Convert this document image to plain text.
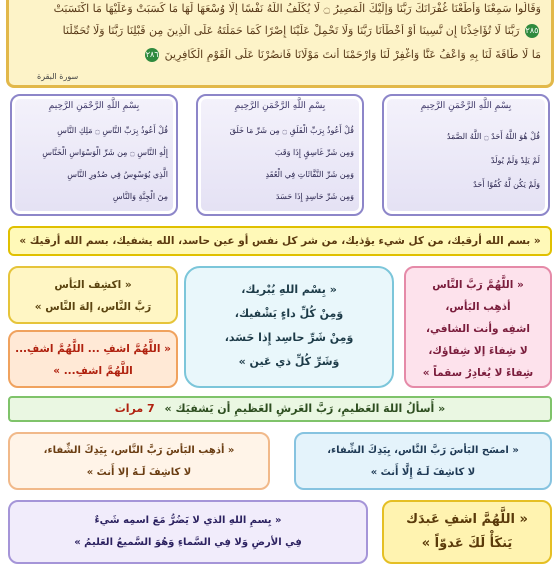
وَقَالُوا سَمِعْنَا وَأَطَعْنَا غُفْرَانَكَ رَبَّنَا وَإِلَيْكَ الْمَصِيرُ ۝ لَا يُكَلِّفُ اللَّهُ نَفْسًا إِلَّا وُسْعَهَا لَهَا مَا كَسَبَتْ وَعَلَيْهَا مَا اكْتَسَبَتْ
٢٨٥ رَبَّنَا لَا تُؤَاخِذْنَا إِن نَّسِينَا أَوْ أَخْطَأْنَا رَبَّنَا وَلَا تَحْمِلْ عَلَيْنَا إِصْرًا كَمَا حَمَلْتَهُ عَلَى الَّذِينَ مِن قَبْلِنَا رَبَّنَا وَلَا تُحَمِّلْنَا
مَا لَا طَاقَةَ لَنَا بِهِ وَاعْفُ عَنَّا وَاغْفِرْ لَنَا وَارْحَمْنَا أَنتَ مَوْلَانَا فَانصُرْنَا عَلَى الْقَوْمِ الْكَافِرِينَ ٢٨٦
سورة البقرة
بِسْمِ اللَّهِ الرَّحْمَنِ الرَّحِيمِ
قُلْ هُوَ اللَّهُ أَحَدٌ ۝ اللَّهُ الصَّمَدُ
لَمْ يَلِدْ وَلَمْ يُولَدْ
وَلَمْ يَكُن لَّهُ كُفُوًا أَحَدٌ
بِسْمِ اللَّهِ الرَّحْمَنِ الرَّحِيمِ
قُلْ أَعُوذُ بِرَبِّ الْفَلَقِ ۝ مِن شَرِّ مَا خَلَقَ
وَمِن شَرِّ غَاسِقٍ إِذَا وَقَبَ
وَمِن شَرِّ النَّفَّاثَاتِ فِي الْعُقَدِ
وَمِن شَرِّ حَاسِدٍ إِذَا حَسَدَ
بِسْمِ اللَّهِ الرَّحْمَنِ الرَّحِيمِ
قُلْ أَعُوذُ بِرَبِّ النَّاسِ ۝ مَلِكِ النَّاسِ
إِلَٰهِ النَّاسِ ۝ مِن شَرِّ الْوَسْوَاسِ الْخَنَّاسِ
الَّذِي يُوَسْوِسُ فِي صُدُورِ النَّاسِ
مِنَ الْجِنَّةِ وَالنَّاسِ
« بسم الله أرقيك، من كل شيء يؤذيك، من شر كل نفس أو عين حاسد، الله يشفيك، بسم الله أرقيك »
« اللَّهُمَّ رَبَّ النَّاس
أذهِب البَأس،
اشفِه وأنت الشافي،
لا شِفاءَ إلا شِفاؤك،
شِفاءً لا يُغادِرُ سقماً »
« بِسْم اللهِ يُبْريك،
وَمِنْ كُلِّ داءٍ يَشْفيك،
وَمِنْ شَرِّ حاسِد إِذا حَسَد،
وَشَرِّ كُلِّ ذي عَين »
« اكشِف البَأس
رَبَّ النَّاس، إلهَ النَّاس »
« اللَّهُمَّ اشفِ ... اللَّهُمَّ اشفِ...
اللَّهُمَّ اشفِ... »
« أَسألُ اللهَ العَظيمِ، رَبَّ العَرشِ العَظيمِ أن يَشفيَك » 7 مرات
« امسَح البَأسَ رَبَّ النَّاس، بِيَدِكَ الشِّفاء،
لا كاشِفَ لَـهُ إِلَّا أَنتَ »
« أذهِب البَأسَ رَبَّ النَّاس، بِيَدِكَ الشِّفاء،
لا كاشِفَ لَـهُ إلا أَنتَ »
« اللَّهُمَّ اشفِ عَبدَك
يَنكَأْ لَكَ عَدوّاً »
« بِسمِ اللهِ الذي لا يَضُرُّ مَعَ اسمِه شَيءٌ
فِي الأرضِ وَلا فِي السَّماءِ وَهُوَ السَّميعُ العَليمُ »
